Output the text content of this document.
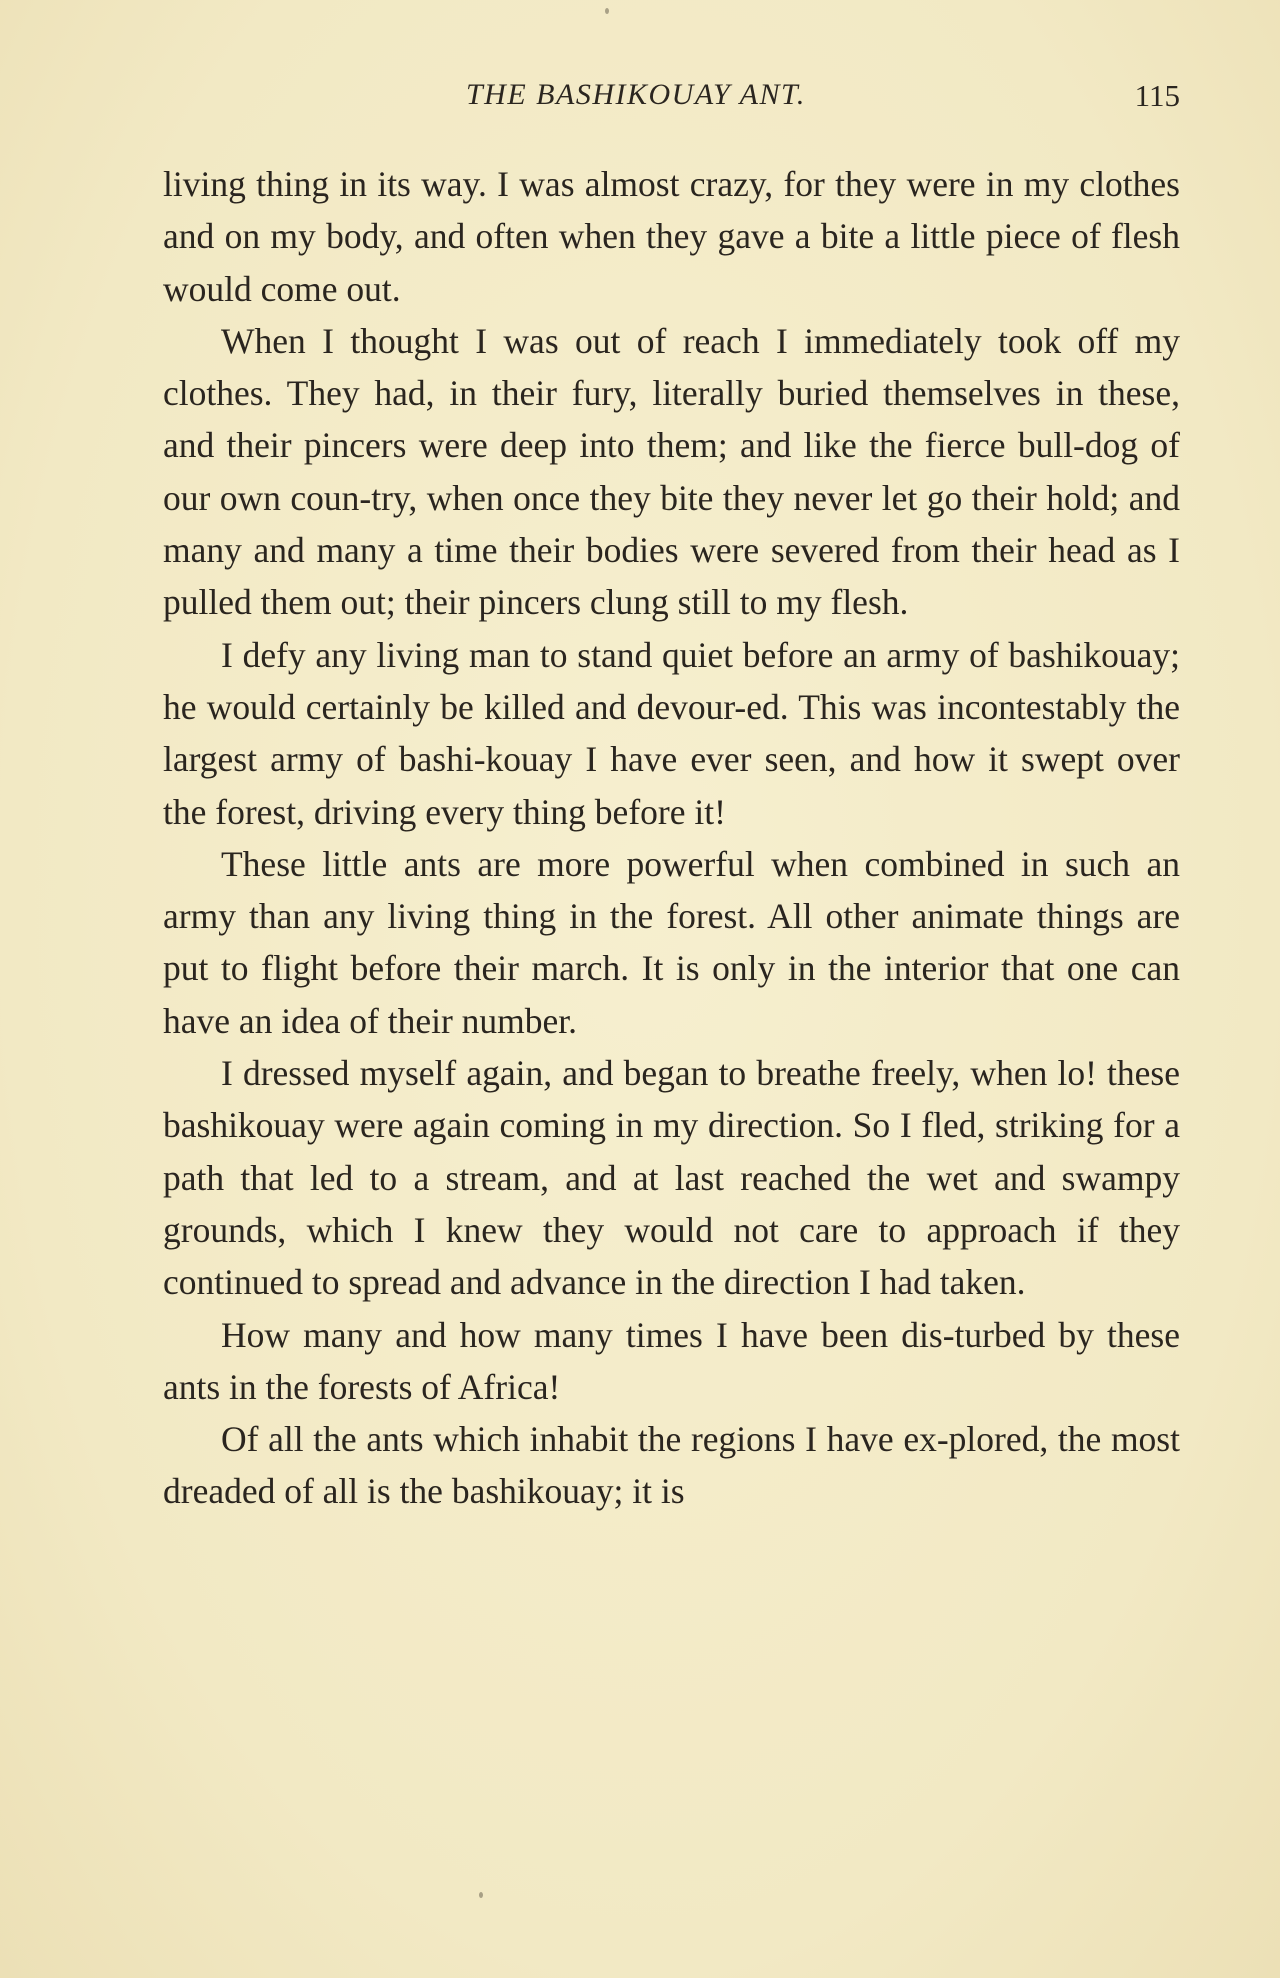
THE BASHIKOUAY ANT.	115

living thing in its way. I was almost crazy, for they were in my clothes and on my body, and often when they gave a bite a little piece of flesh would come out.

When I thought I was out of reach I immediately took off my clothes. They had, in their fury, literally buried themselves in these, and their pincers were deep into them; and like the fierce bull-dog of our own coun-try, when once they bite they never let go their hold; and many and many a time their bodies were severed from their head as I pulled them out; their pincers clung still to my flesh.

I defy any living man to stand quiet before an army of bashikouay; he would certainly be killed and devour-ed. This was incontestably the largest army of bashi-kouay I have ever seen, and how it swept over the forest, driving every thing before it!

These little ants are more powerful when combined in such an army than any living thing in the forest. All other animate things are put to flight before their march. It is only in the interior that one can have an idea of their number.

I dressed myself again, and began to breathe freely, when lo! these bashikouay were again coming in my direction. So I fled, striking for a path that led to a stream, and at last reached the wet and swampy grounds, which I knew they would not care to approach if they continued to spread and advance in the direction I had taken.

How many and how many times I have been dis-turbed by these ants in the forests of Africa!

Of all the ants which inhabit the regions I have ex-plored, the most dreaded of all is the bashikouay; it is
